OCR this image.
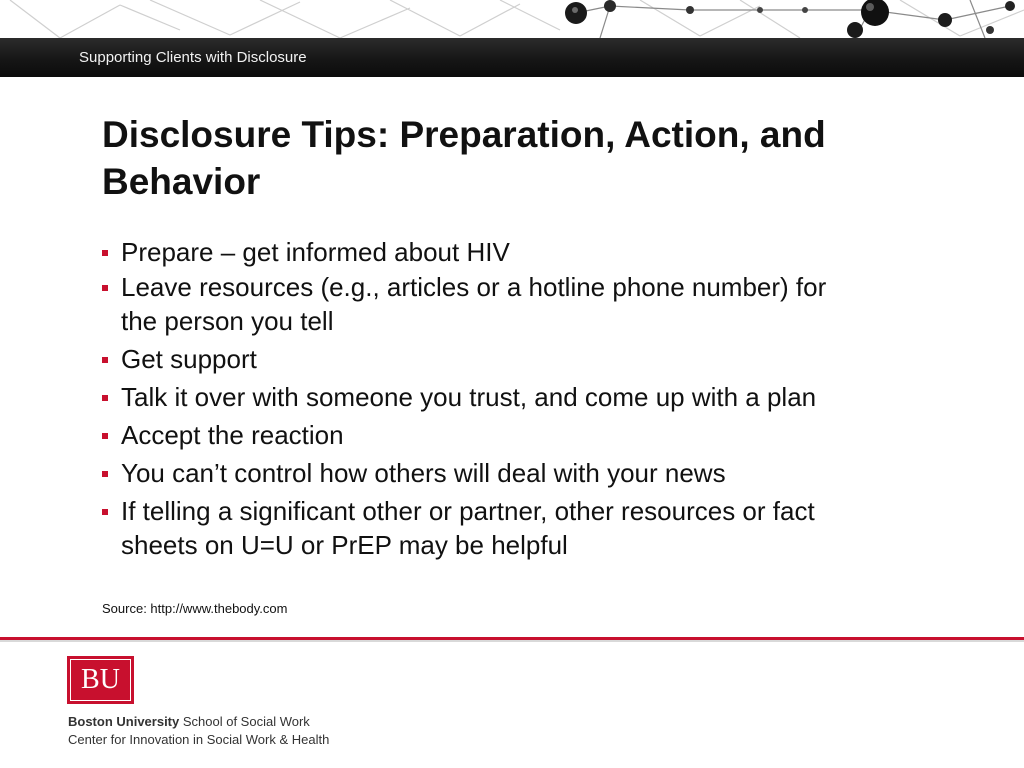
Supporting Clients with Disclosure
Disclosure Tips: Preparation, Action, and Behavior
Prepare – get informed about HIV
Leave resources (e.g., articles or a hotline phone number) for the person you tell
Get support
Talk it over with someone you trust, and come up with a plan
Accept the reaction
You can’t control how others will deal with your news
If telling a significant other or partner, other resources or fact sheets on U=U or PrEP may be helpful
Source: http://www.thebody.com
BU
Boston University School of Social Work
Center for Innovation in Social Work & Health
